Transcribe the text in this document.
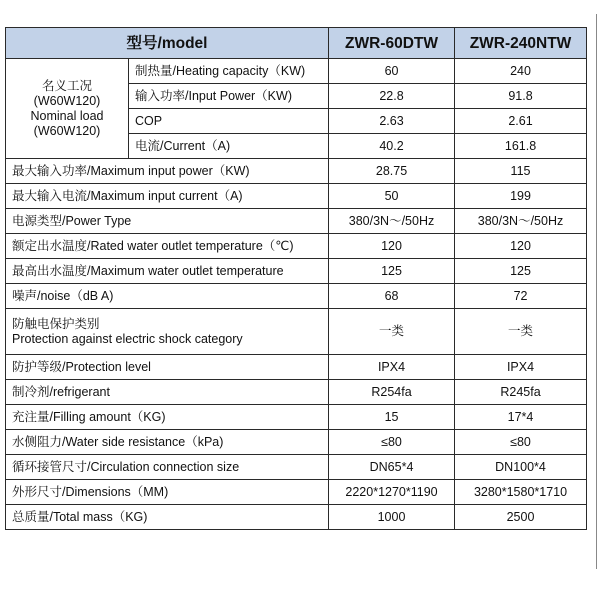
型号/model		ZWR-60DTW	ZWR-240NTW

名义工况
(W60W120)
Nominal load
(W60W120)	制热量/Heating capacity（KW)	60	240
	输入功率/Input Power（KW)	22.8	91.8
	COP	2.63	2.61
	电流/Current（A)	40.2	161.8
最大输入功率/Maximum input power（KW)		28.75	115
最大输入电流/Maximum input current（A)		50	199
电源类型/Power Type		380/3N～/50Hz	380/3N～/50Hz
额定出水温度/Rated water outlet temperature（℃)		120	120
最高出水温度/Maximum water outlet temperature		125	125
噪声/noise（dB A)		68	72

防触电保护类别
Protection against electric shock category		一类	一类
防护等级/Protection level		IPX4	IPX4
制冷剂/refrigerant		R254fa	R245fa
充注量/Filling amount（KG)		15	17*4
水侧阻力/Water side resistance（kPa)		≤80	≤80
循环接管尺寸/Circulation connection size		DN65*4	DN100*4
外形尺寸/Dimensions（MM)		2220*1270*1190	3280*1580*1710
总质量/Total mass（KG)		1000	2500
